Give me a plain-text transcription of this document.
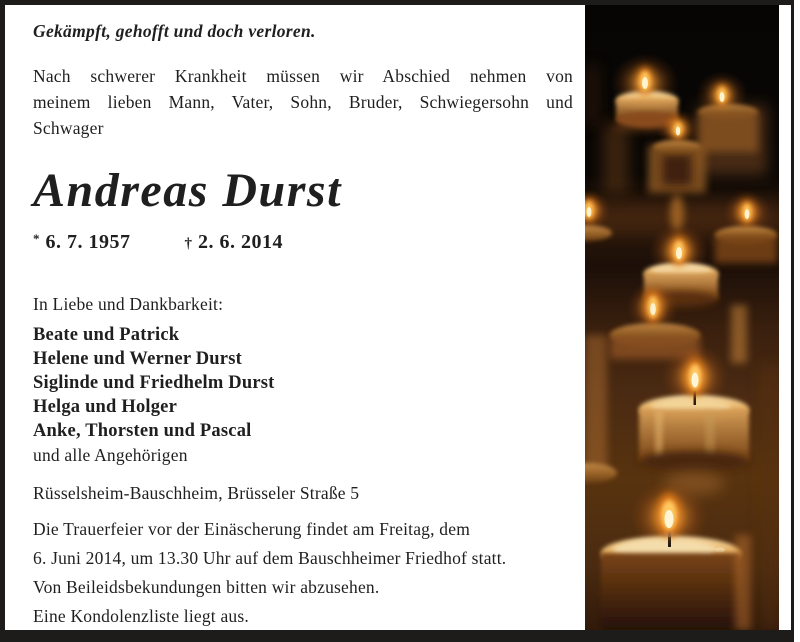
Gekämpft, gehofft und doch verloren.
Nach schwerer Krankheit müssen wir Abschied nehmen von
meinem lieben Mann, Vater, Sohn, Bruder, Schwiegersohn und
Schwager
Andreas Durst
* 6. 7. 1957	† 2. 6. 2014
In Liebe und Dankbarkeit:
Beate und Patrick
Helene und Werner Durst
Siglinde und Friedhelm Durst
Helga und Holger
Anke, Thorsten und Pascal
und alle Angehörigen
Rüsselsheim-Bauschheim, Brüsseler Straße 5
Die Trauerfeier vor der Einäscherung findet am Freitag, dem
6. Juni 2014, um 13.30 Uhr auf dem Bauschheimer Friedhof statt.
Von Beileidsbekundungen bitten wir abzusehen.
Eine Kondolenzliste liegt aus.
